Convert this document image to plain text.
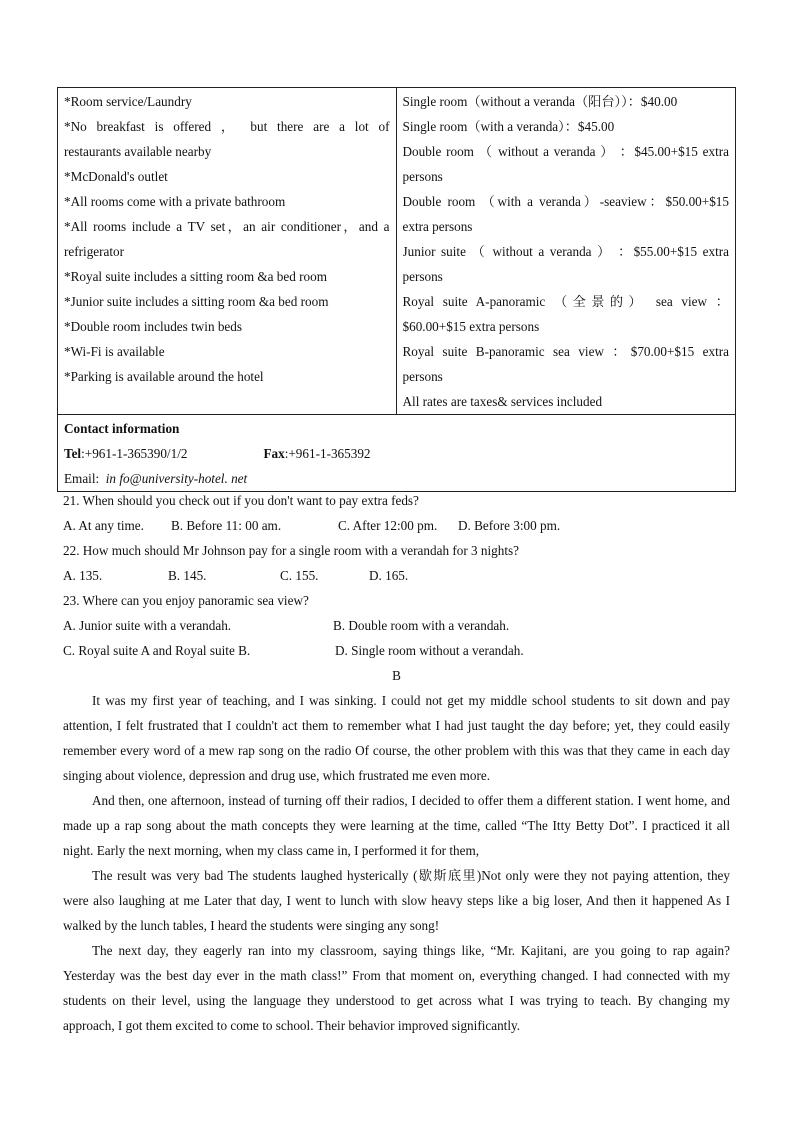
*Room service/Laundry
*No breakfast is offered ， but there are a lot of
restaurants available nearby
*McDonald's outlet
*All rooms come with a private bathroom
*All rooms include a TV set，an air conditioner，and a
refrigerator
*Royal suite includes a sitting room &a bed room
*Junior suite includes a sitting room &a bed room
*Double room includes twin beds
*Wi-Fi is available
*Parking is available around the hotel
Single room（without a veranda（阳台））：$40.00
Single room（with a veranda）：$45.00
Double room （ without a veranda ） ：$45.00+$15 extra
persons
Double room （with a veranda）-seaview：$50.00+$15
extra persons
Junior suite （ without a veranda ） ：$55.00+$15 extra
persons
Royal suite A-panoramic （全景的） sea view ：
$60.00+$15 extra persons
Royal suite B-panoramic sea view ：$70.00+$15 extra
persons
All rates are taxes& services included
Contact information
Tel:+961-1-365390/1/2	Fax:+961-1-365392
Email: in fo@university-hotel. net
21. When should you check out if you don't want to pay extra feds?
A. At any time. B. Before 11: 00 am.	C. After 12:00 pm. D. Before 3:00 pm.
22. How much should Mr Johnson pay for a single room with a verandah for 3 nights?
A. 135.	B. 145.	C. 155.	D. 165.
23. Where can you enjoy panoramic sea view?
A. Junior suite with a verandah.	B. Double room with a verandah.
C. Royal suite A and Royal suite B.	D. Single room without a verandah.
B

It was my first year of teaching, and I was sinking. I could not get my middle school students to sit down and pay attention, I felt frustrated that I couldn't act them to remember what I had just taught the day before; yet, they could easily remember every word of a mew rap song on the radio Of course, the other problem with this was that they came in each day singing about violence, depression and drug use, which frustrated me even more.

And then, one afternoon, instead of turning off their radios, I decided to offer them a different station. I went home, and made up a rap song about the math concepts they were learning at the time, called “The Itty Betty Dot”. I practiced it all night. Early the next morning, when my class came in, I performed it for them,

The result was very bad The students laughed hysterically (歇斯底里)Not only were they not paying attention, they were also laughing at me Later that day, I went to lunch with slow heavy steps like a big loser, And then it happened As I walked by the lunch tables, I heard the students were singing any song!

The next day, they eagerly ran into my classroom, saying things like, “Mr. Kajitani, are you going to rap again? Yesterday was the best day ever in the math class!” From that moment on, everything changed. I had connected with my students on their level, using the language they understood to get across what I was trying to teach. By changing my approach, I got them excited to come to school. Their behavior improved significantly.
